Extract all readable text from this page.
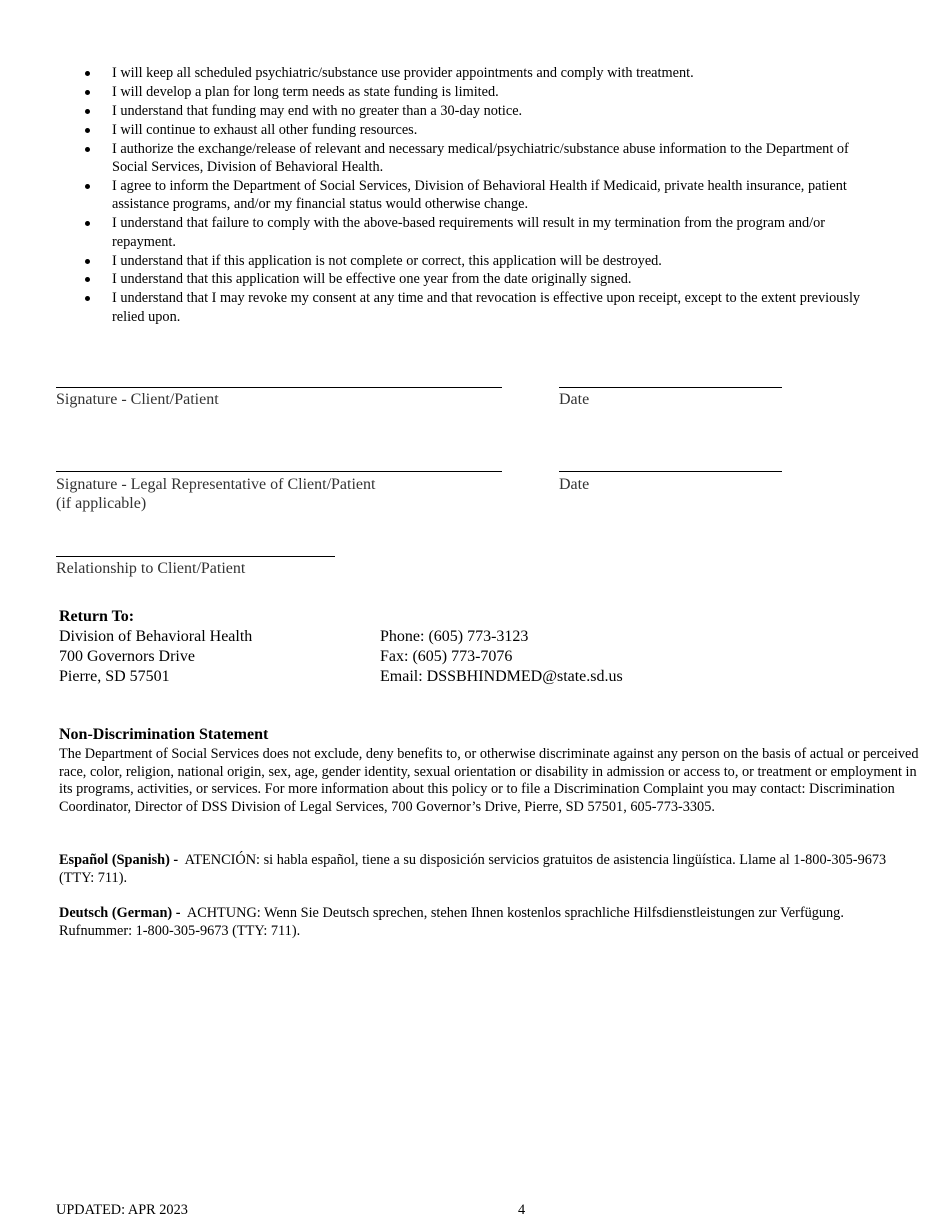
I will keep all scheduled psychiatric/substance use provider appointments and comply with treatment.
I will develop a plan for long term needs as state funding is limited.
I understand that funding may end with no greater than a 30-day notice.
I will continue to exhaust all other funding resources.
I authorize the exchange/release of relevant and necessary medical/psychiatric/substance abuse information to the Department of Social Services, Division of Behavioral Health.
I agree to inform the Department of Social Services, Division of Behavioral Health if Medicaid, private health insurance, patient assistance programs, and/or my financial status would otherwise change.
I understand that failure to comply with the above-based requirements will result in my termination from the program and/or repayment.
I understand that if this application is not complete or correct, this application will be destroyed.
I understand that this application will be effective one year from the date originally signed.
I understand that I may revoke my consent at any time and that revocation is effective upon receipt, except to the extent previously relied upon.
Signature - Client/Patient	Date
Signature - Legal Representative of Client/Patient
(if applicable)
Date
Relationship to Client/Patient
Return To:
Division of Behavioral Health
700 Governors Drive
Pierre, SD 57501
Phone: (605) 773-3123
Fax: (605) 773-7076
Email: DSSBHINDMED@state.sd.us
Non-Discrimination Statement

The Department of Social Services does not exclude, deny benefits to, or otherwise discriminate against any person on the basis of actual or perceived race, color, religion, national origin, sex, age, gender identity, sexual orientation or disability in admission or access to, or treatment or employment in its programs, activities, or services. For more information about this policy or to file a Discrimination Complaint you may contact: Discrimination Coordinator, Director of DSS Division of Legal Services, 700 Governor’s Drive, Pierre, SD 57501, 605-773-3305.

Español (Spanish) - ATENCIÓN: si habla español, tiene a su disposición servicios gratuitos de asistencia lingüística. Llame al 1-800-305-9673 (TTY: 711).

Deutsch (German) - ACHTUNG: Wenn Sie Deutsch sprechen, stehen Ihnen kostenlos sprachliche Hilfsdienstleistungen zur Verfügung. Rufnummer: 1-800-305-9673 (TTY: 711).

UPDATED: APR 2023	4
